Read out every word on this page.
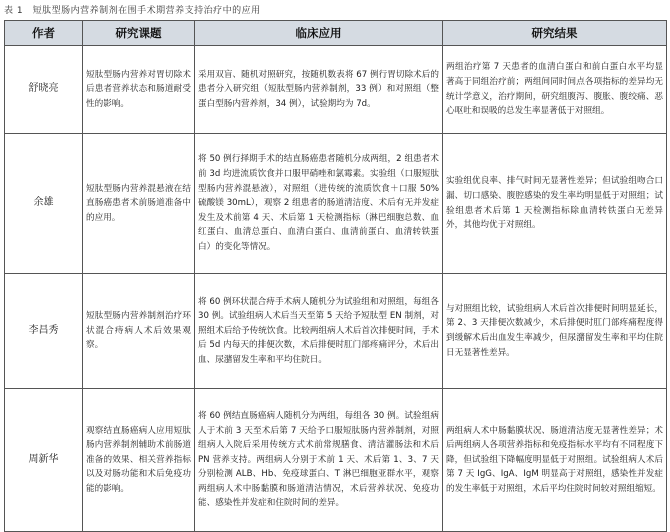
表 1　短肽型肠内营养制剂在围手术期营养支持治疗中的应用
作者	研究课题	临床应用	研究结果
舒晓亮	短肽型肠内营养对胃切除术后患者营养状态和肠道耐受性的影响。	采用双盲、随机对照研究，按随机数表将 67 例行胃切除术后的患者分入研究组（短肽型肠内营养制剂，33 例）和对照组（整蛋白型肠内营养剂，34 例），试验期均为 7d。	两组治疗第 7 天患者的血清白蛋白和前白蛋白水平均显著高于同组治疗前；两组间同时间点各项指标的差异均无统计学意义，治疗期间，研究组腹泻、腹胀、腹绞痛、恶心呕吐和误吸的总发生率显著低于对照组。
余雄	短肽型肠内营养混悬液在结直肠癌患者术前肠道准备中的应用。	将 50 例行择期手术的结直肠癌患者随机分成两组，2 组患者术前 3d 均进流质饮食并口服甲硝唑和氯霉素。实验组（口服短肽型肠内营养混悬液），对照组（进传统的流质饮食＋口服 50% 硫酸镁 30mL），观察 2 组患者的肠道清洁度、术后有无并发症发生及术前第 4 天、术后第 1 天检测指标（淋巴细胞总数、血红蛋白、血清总蛋白、血清白蛋白、血清前蛋白、血清转铁蛋白）的变化等情况。	实验组优良率、排气时间无显著性差异；但试验组吻合口漏、切口感染、腹腔感染的发生率均明显低于对照组；试验组患者术后第 1 天检测指标除血清转铁蛋白无差异外，其他均优于对照组。
李昌秀	短肽型肠内营养制剂治疗环状混合痔病人术后效果观察。	将 60 例环状混合痔手术病人随机分为试验组和对照组，每组各 30 例。试验组病人术后当天至第 5 天给予短肽型 EN 制剂，对照组术后给予传统饮食。比较两组病人术后首次排便时间，手术后 5d 内每天的排便次数，术后排便时肛门部疼痛评分，术后出血、尿潴留发生率和平均住院日。	与对照组比较，试验组病人术后首次排便时间明显延长，第 2、3 天排便次数减少，术后排便时肛门部疼痛程度得到缓解术后出血发生率减少，但尿潴留发生率和平均住院日无显著性差异。
周新华	观察结直肠癌病人应用短肽肠内营养制剂辅助术前肠道准备的效果、相关营养指标以及对肠功能和术后免疫功能的影响。	将 60 例结直肠癌病人随机分为两组，每组各 30 例。试验组病人于术前 3 天至术后第 7 天给予口服短肽肠内营养制剂，对照组病人入院后采用传统方式术前常规膳食、清洁灌肠法和术后 PN 营养支持。两组病人分别于术前 1 天、术后第 1、3、7 天分别检测 ALB、Hb、免疫球蛋白、T 淋巴细胞亚群水平，观察两组病人术中肠黏膜和肠道清洁情况，术后营养状况、免疫功能、感染性并发症和住院时间的差异。	两组病人术中肠黏膜状况、肠道清洁度无显著性差异；术后两组病人各项营养指标和免疫指标水平均有不同程度下降，但试验组下降幅度明显低于对照组。试验组病人术后第 7 天 IgG、IgA、IgM 明显高于对照组，感染性并发症的发生率低于对照组，术后平均住院时间较对照组缩短。
